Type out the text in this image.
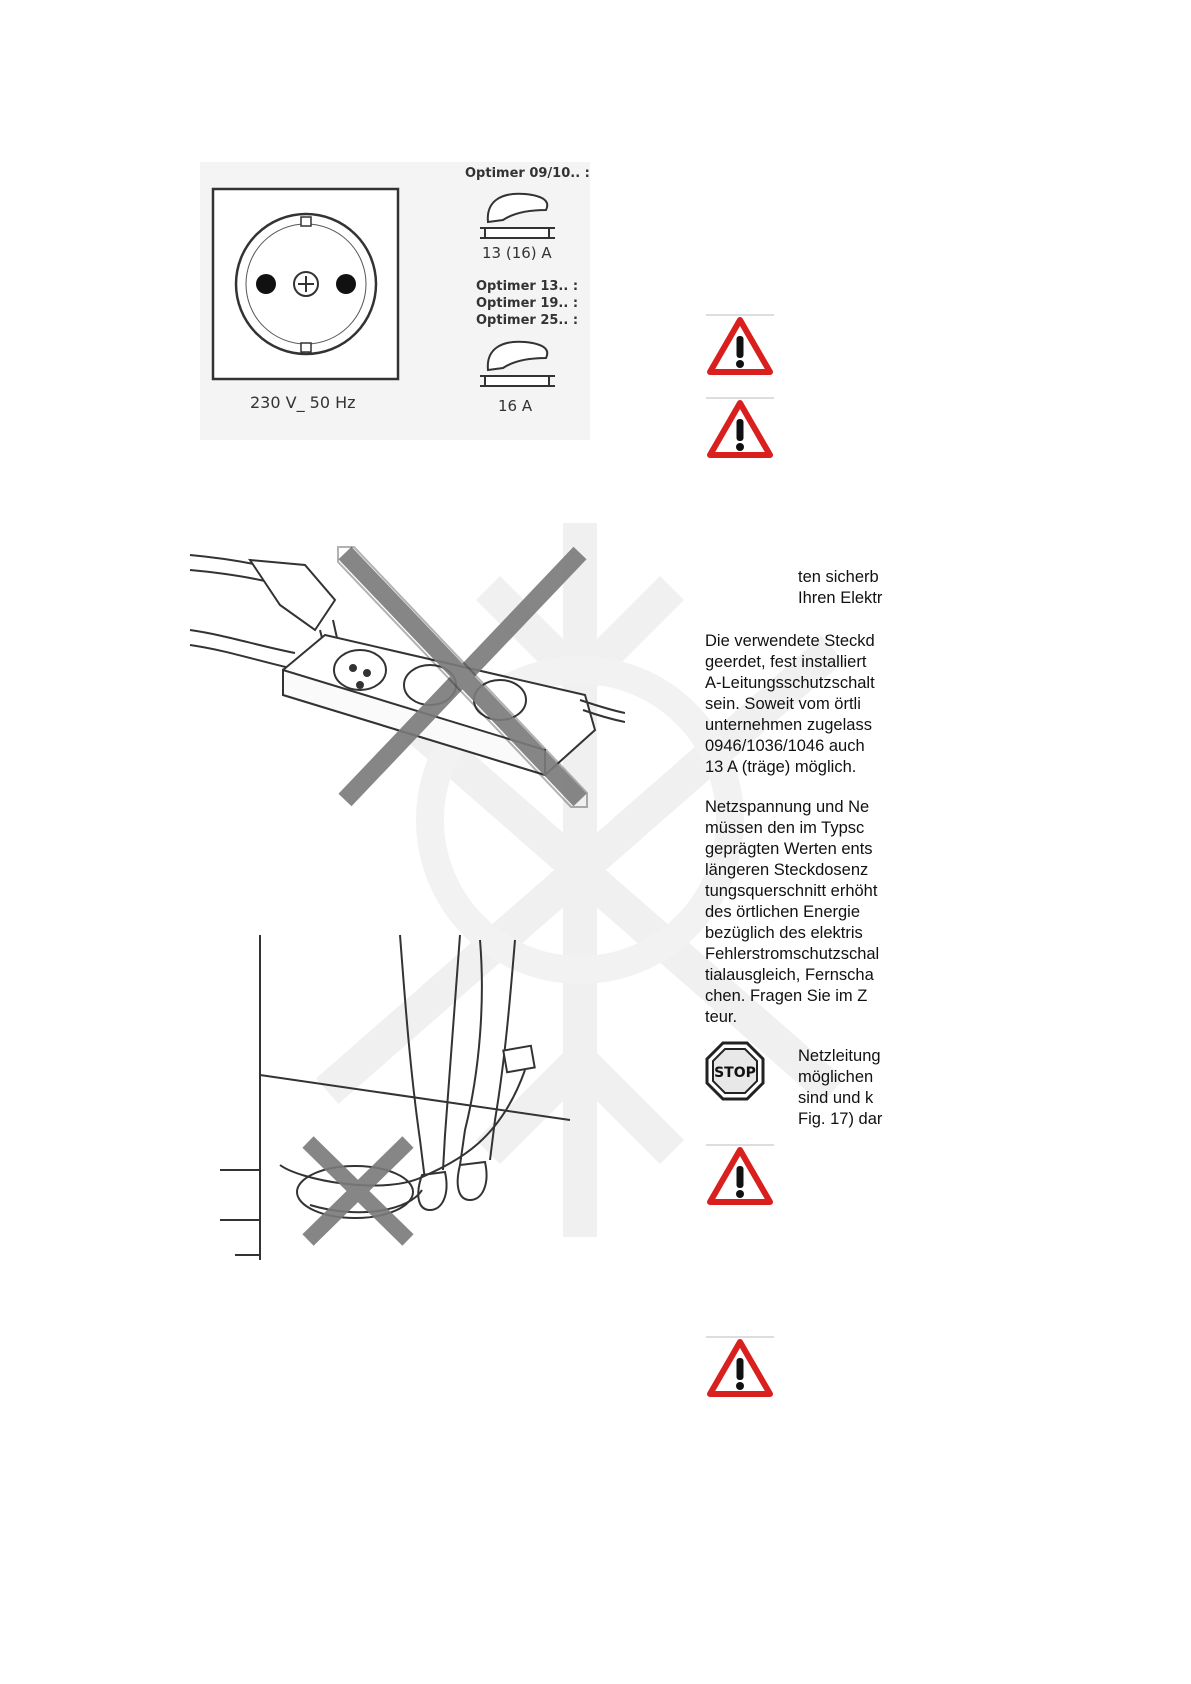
230 V_ 50 Hz
Optimer 09/10.. :
13 (16) A
Optimer 13.. :
Optimer 19.. :
Optimer 25.. :
16 A
STOP
ten sicherb
Ihren Elektr
Die verwendete Steckd
geerdet, fest installiert
A-Leitungsschutzschalt
sein. Soweit vom örtli
unternehmen zugelass
0946/1036/1046 auch
13 A (träge) möglich.
Netzspannung und Ne
müssen den im Typsc
geprägten Werten ents
längeren Steckdosenz
tungsquerschnitt erhöht
des örtlichen Energie
bezüglich des elektris
Fehlerstromschutzschal
tialausgleich, Fernscha
chen. Fragen Sie im Z
teur.
Netzleitung
möglichen
sind und k
Fig. 17) dar
